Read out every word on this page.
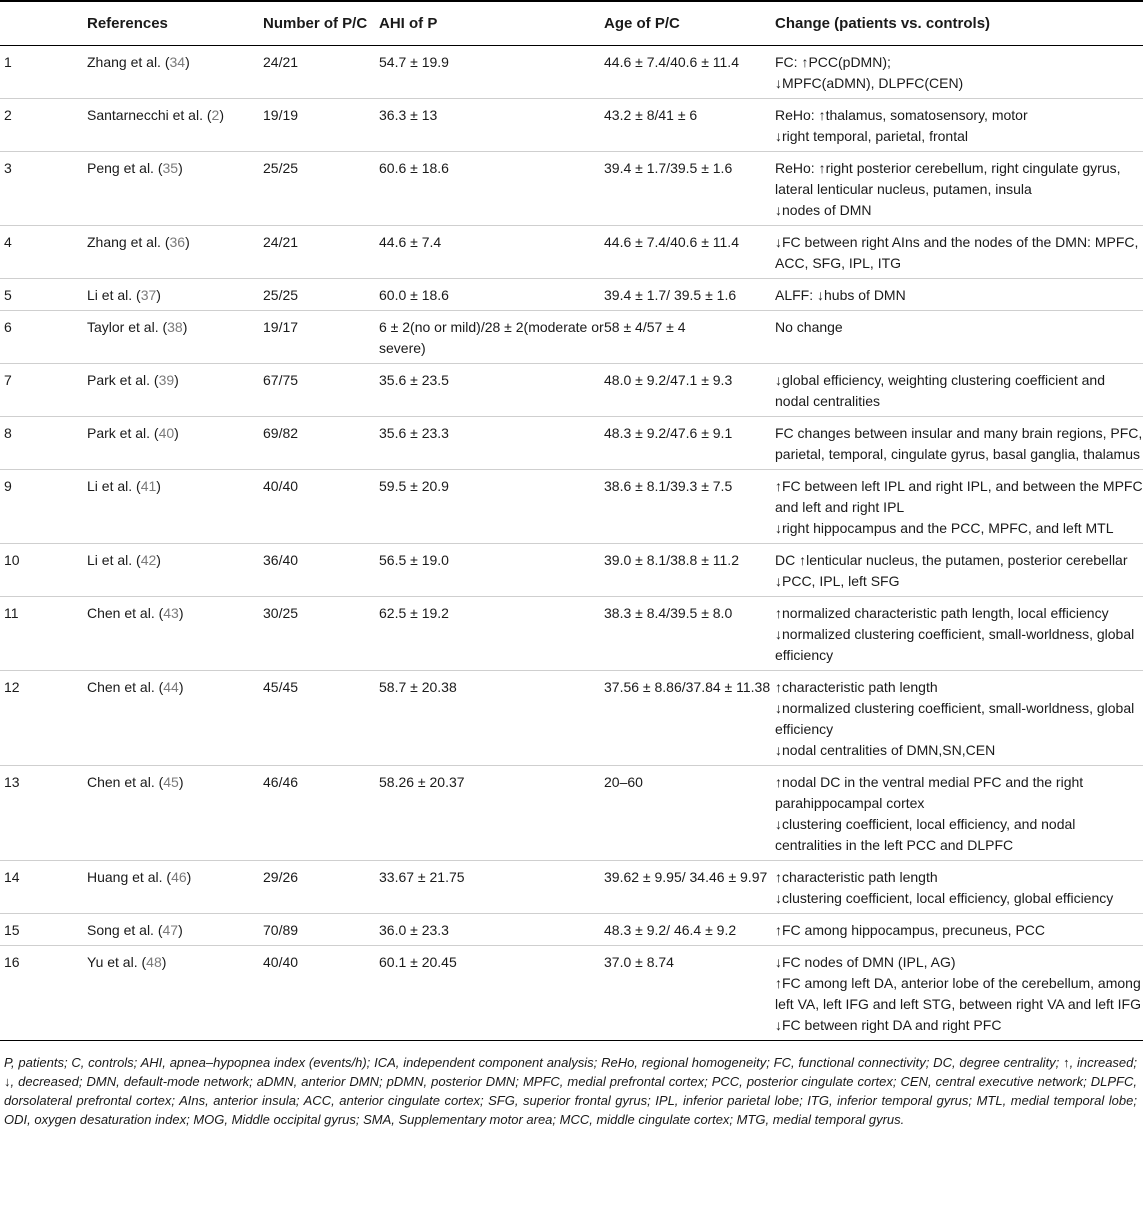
	References	Number of P/C	AHI of P	Age of P/C	Change (patients vs. controls)
1	Zhang et al. (34)	24/21	54.7 ± 19.9	44.6 ± 7.4/40.6 ± 11.4	FC: ↑PCC(pDMN);
↓MPFC(aDMN), DLPFC(CEN)

2	Santarnecchi et al. (2)	19/19	36.3 ± 13	43.2 ± 8/41 ± 6	ReHo: ↑thalamus, somatosensory, motor
↓right temporal, parietal, frontal

3	Peng et al. (35)	25/25	60.6 ± 18.6	39.4 ± 1.7/39.5 ± 1.6	ReHo: ↑right posterior cerebellum, right cingulate gyrus, lateral lenticular nucleus, putamen, insula
↓nodes of DMN

4	Zhang et al. (36)	24/21	44.6 ± 7.4	44.6 ± 7.4/40.6 ± 11.4	↓FC between right AIns and the nodes of the DMN: MPFC, ACC, SFG, IPL, ITG

5	Li et al. (37)	25/25	60.0 ± 18.6	39.4 ± 1.7/ 39.5 ± 1.6	ALFF: ↓hubs of DMN

6	Taylor et al. (38)	19/17	6 ± 2(no or mild)/28 ± 2(moderate or severe)	58 ± 4/57 ± 4	No change

7	Park et al. (39)	67/75	35.6 ± 23.5	48.0 ± 9.2/47.1 ± 9.3	↓global efficiency, weighting clustering coefficient and nodal centralities

8	Park et al. (40)	69/82	35.6 ± 23.3	48.3 ± 9.2/47.6 ± 9.1	FC changes between insular and many brain regions, PFC, parietal, temporal, cingulate gyrus, basal ganglia, thalamus

9	Li et al. (41)	40/40	59.5 ± 20.9	38.6 ± 8.1/39.3 ± 7.5	↑FC between left IPL and right IPL, and between the MPFC and left and right IPL
↓right hippocampus and the PCC, MPFC, and left MTL

10	Li et al. (42)	36/40	56.5 ± 19.0	39.0 ± 8.1/38.8 ± 11.2	DC ↑lenticular nucleus, the putamen, posterior cerebellar
↓PCC, IPL, left SFG

11	Chen et al. (43)	30/25	62.5 ± 19.2	38.3 ± 8.4/39.5 ± 8.0	↑normalized characteristic path length, local efficiency
↓normalized clustering coefficient, small-worldness, global efficiency

12	Chen et al. (44)	45/45	58.7 ± 20.38	37.56 ± 8.86/37.84 ± 11.38	↑characteristic path length
↓normalized clustering coefficient, small-worldness, global efficiency
↓nodal centralities of DMN,SN,CEN

13	Chen et al. (45)	46/46	58.26 ± 20.37	20–60	↑nodal DC in the ventral medial PFC and the right parahippocampal cortex
↓clustering coefficient, local efficiency, and nodal centralities in the left PCC and DLPFC

14	Huang et al. (46)	29/26	33.67 ± 21.75	39.62 ± 9.95/ 34.46 ± 9.97	↑characteristic path length
↓clustering coefficient, local efficiency, global efficiency

15	Song et al. (47)	70/89	36.0 ± 23.3	48.3 ± 9.2/ 46.4 ± 9.2	↑FC among hippocampus, precuneus, PCC

16	Yu et al. (48)	40/40	60.1 ± 20.45	37.0 ± 8.74	↓FC nodes of DMN (IPL, AG)
↑FC among left DA, anterior lobe of the cerebellum, among left VA, left IFG and left STG, between right VA and left IFG
↓FC between right DA and right PFC
P, patients; C, controls; AHI, apnea–hypopnea index (events/h); ICA, independent component analysis; ReHo, regional homogeneity; FC, functional connectivity; DC, degree centrality; ↑, increased; ↓, decreased; DMN, default-mode network; aDMN, anterior DMN; pDMN, posterior DMN; MPFC, medial prefrontal cortex; PCC, posterior cingulate cortex; CEN, central executive network; DLPFC, dorsolateral prefrontal cortex; AIns, anterior insula; ACC, anterior cingulate cortex; SFG, superior frontal gyrus; IPL, inferior parietal lobe; ITG, inferior temporal gyrus; MTL, medial temporal lobe; ODI, oxygen desaturation index; MOG, Middle occipital gyrus; SMA, Supplementary motor area; MCC, middle cingulate cortex; MTG, medial temporal gyrus.
